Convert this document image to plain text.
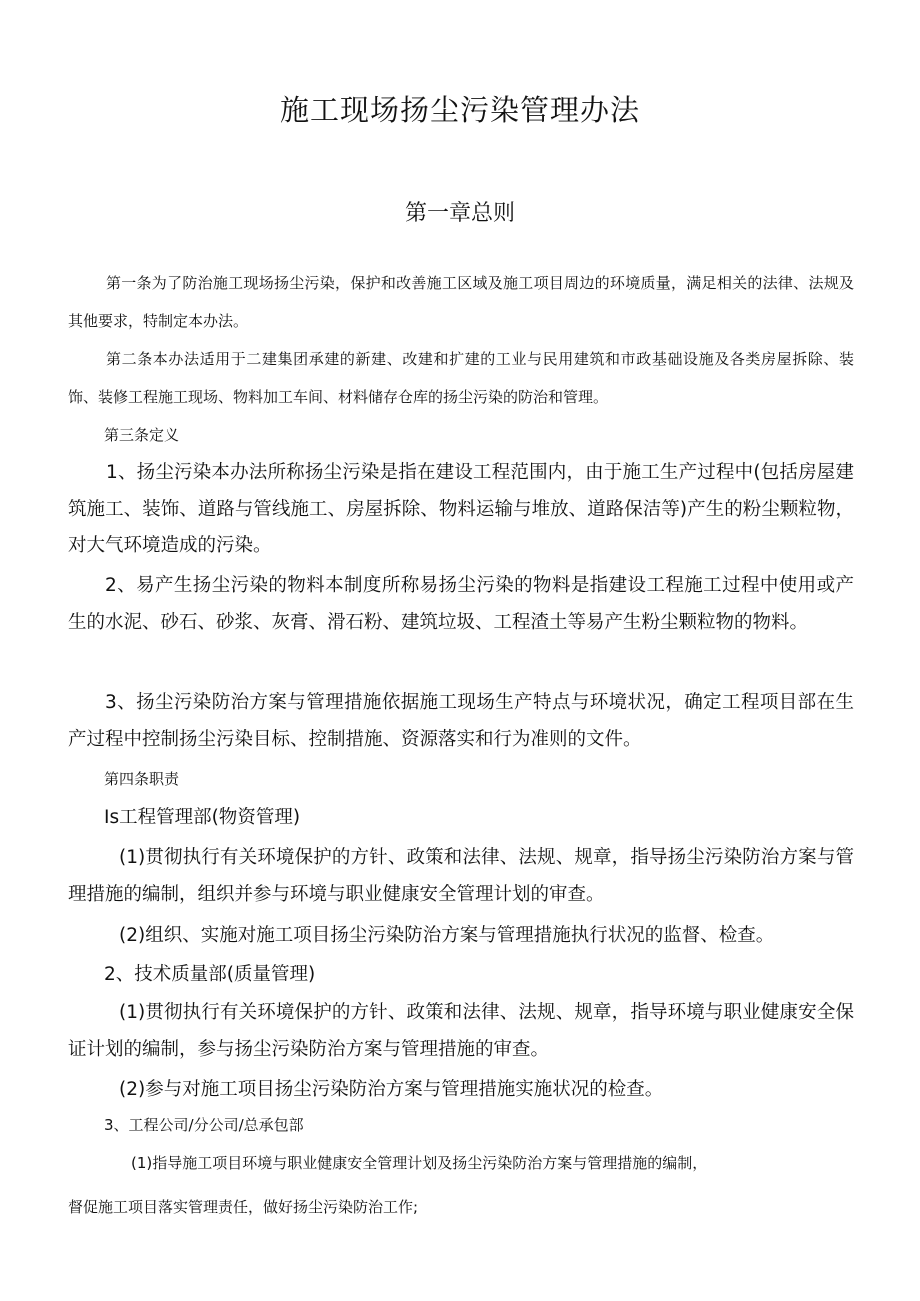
施工现场扬尘污染管理办法
第一章总则

第一条为了防治施工现场扬尘污染，保护和改善施工区域及施工项目周边的环境质量，满足相关的法律、法规及其他要求，特制定本办法。

第二条本办法适用于二建集团承建的新建、改建和扩建的工业与民用建筑和市政基础设施及各类房屋拆除、装饰、装修工程施工现场、物料加工车间、材料储存仓库的扬尘污染的防治和管理。

第三条定义

1、扬尘污染本办法所称扬尘污染是指在建设工程范围内，由于施工生产过程中(包括房屋建筑施工、装饰、道路与管线施工、房屋拆除、物料运输与堆放、道路保洁等)产生的粉尘颗粒物，对大气环境造成的污染。

2、易产生扬尘污染的物料本制度所称易扬尘污染的物料是指建设工程施工过程中使用或产生的水泥、砂石、砂浆、灰膏、滑石粉、建筑垃圾、工程渣土等易产生粉尘颗粒物的物料。

3、扬尘污染防治方案与管理措施依据施工现场生产特点与环境状况，确定工程项目部在生产过程中控制扬尘污染目标、控制措施、资源落实和行为准则的文件。

第四条职责

Is工程管理部(物资管理)

(1)贯彻执行有关环境保护的方针、政策和法律、法规、规章，指导扬尘污染防治方案与管理措施的编制，组织并参与环境与职业健康安全管理计划的审查。

(2)组织、实施对施工项目扬尘污染防治方案与管理措施执行状况的监督、检查。

2、技术质量部(质量管理)

(1)贯彻执行有关环境保护的方针、政策和法律、法规、规章，指导环境与职业健康安全保证计划的编制，参与扬尘污染防治方案与管理措施的审查。

(2)参与对施工项目扬尘污染防治方案与管理措施实施状况的检查。

3、工程公司/分公司/总承包部

(1)指导施工项目环境与职业健康安全管理计划及扬尘污染防治方案与管理措施的编制，

督促施工项目落实管理责任，做好扬尘污染防治工作;
